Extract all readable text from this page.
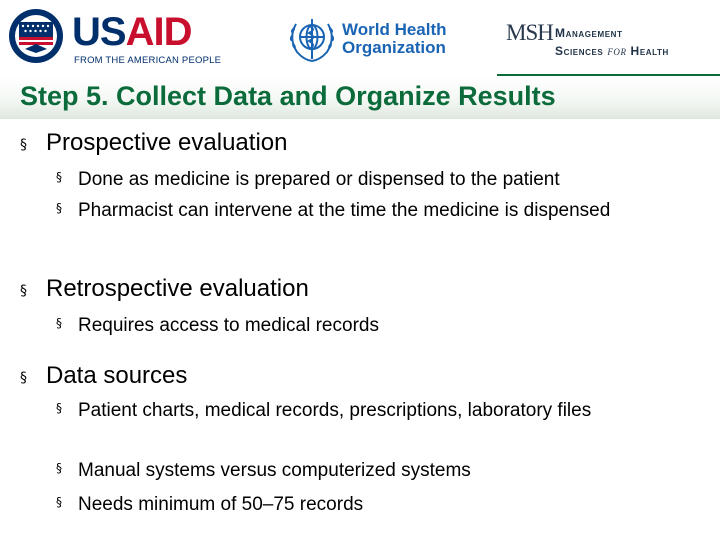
USAID
FROM THE AMERICAN PEOPLE
World Health
Organization
MSH Management
Sciences for Health
Step 5. Collect Data and Organize Results
§ Prospective evaluation
§ Done as medicine is prepared or dispensed to the patient
§ Pharmacist can intervene at the time the medicine is dispensed
§ Retrospective evaluation
§ Requires access to medical records
§ Data sources
§ Patient charts, medical records, prescriptions, laboratory files
§ Manual systems versus computerized systems
§ Needs minimum of 50–75 records
